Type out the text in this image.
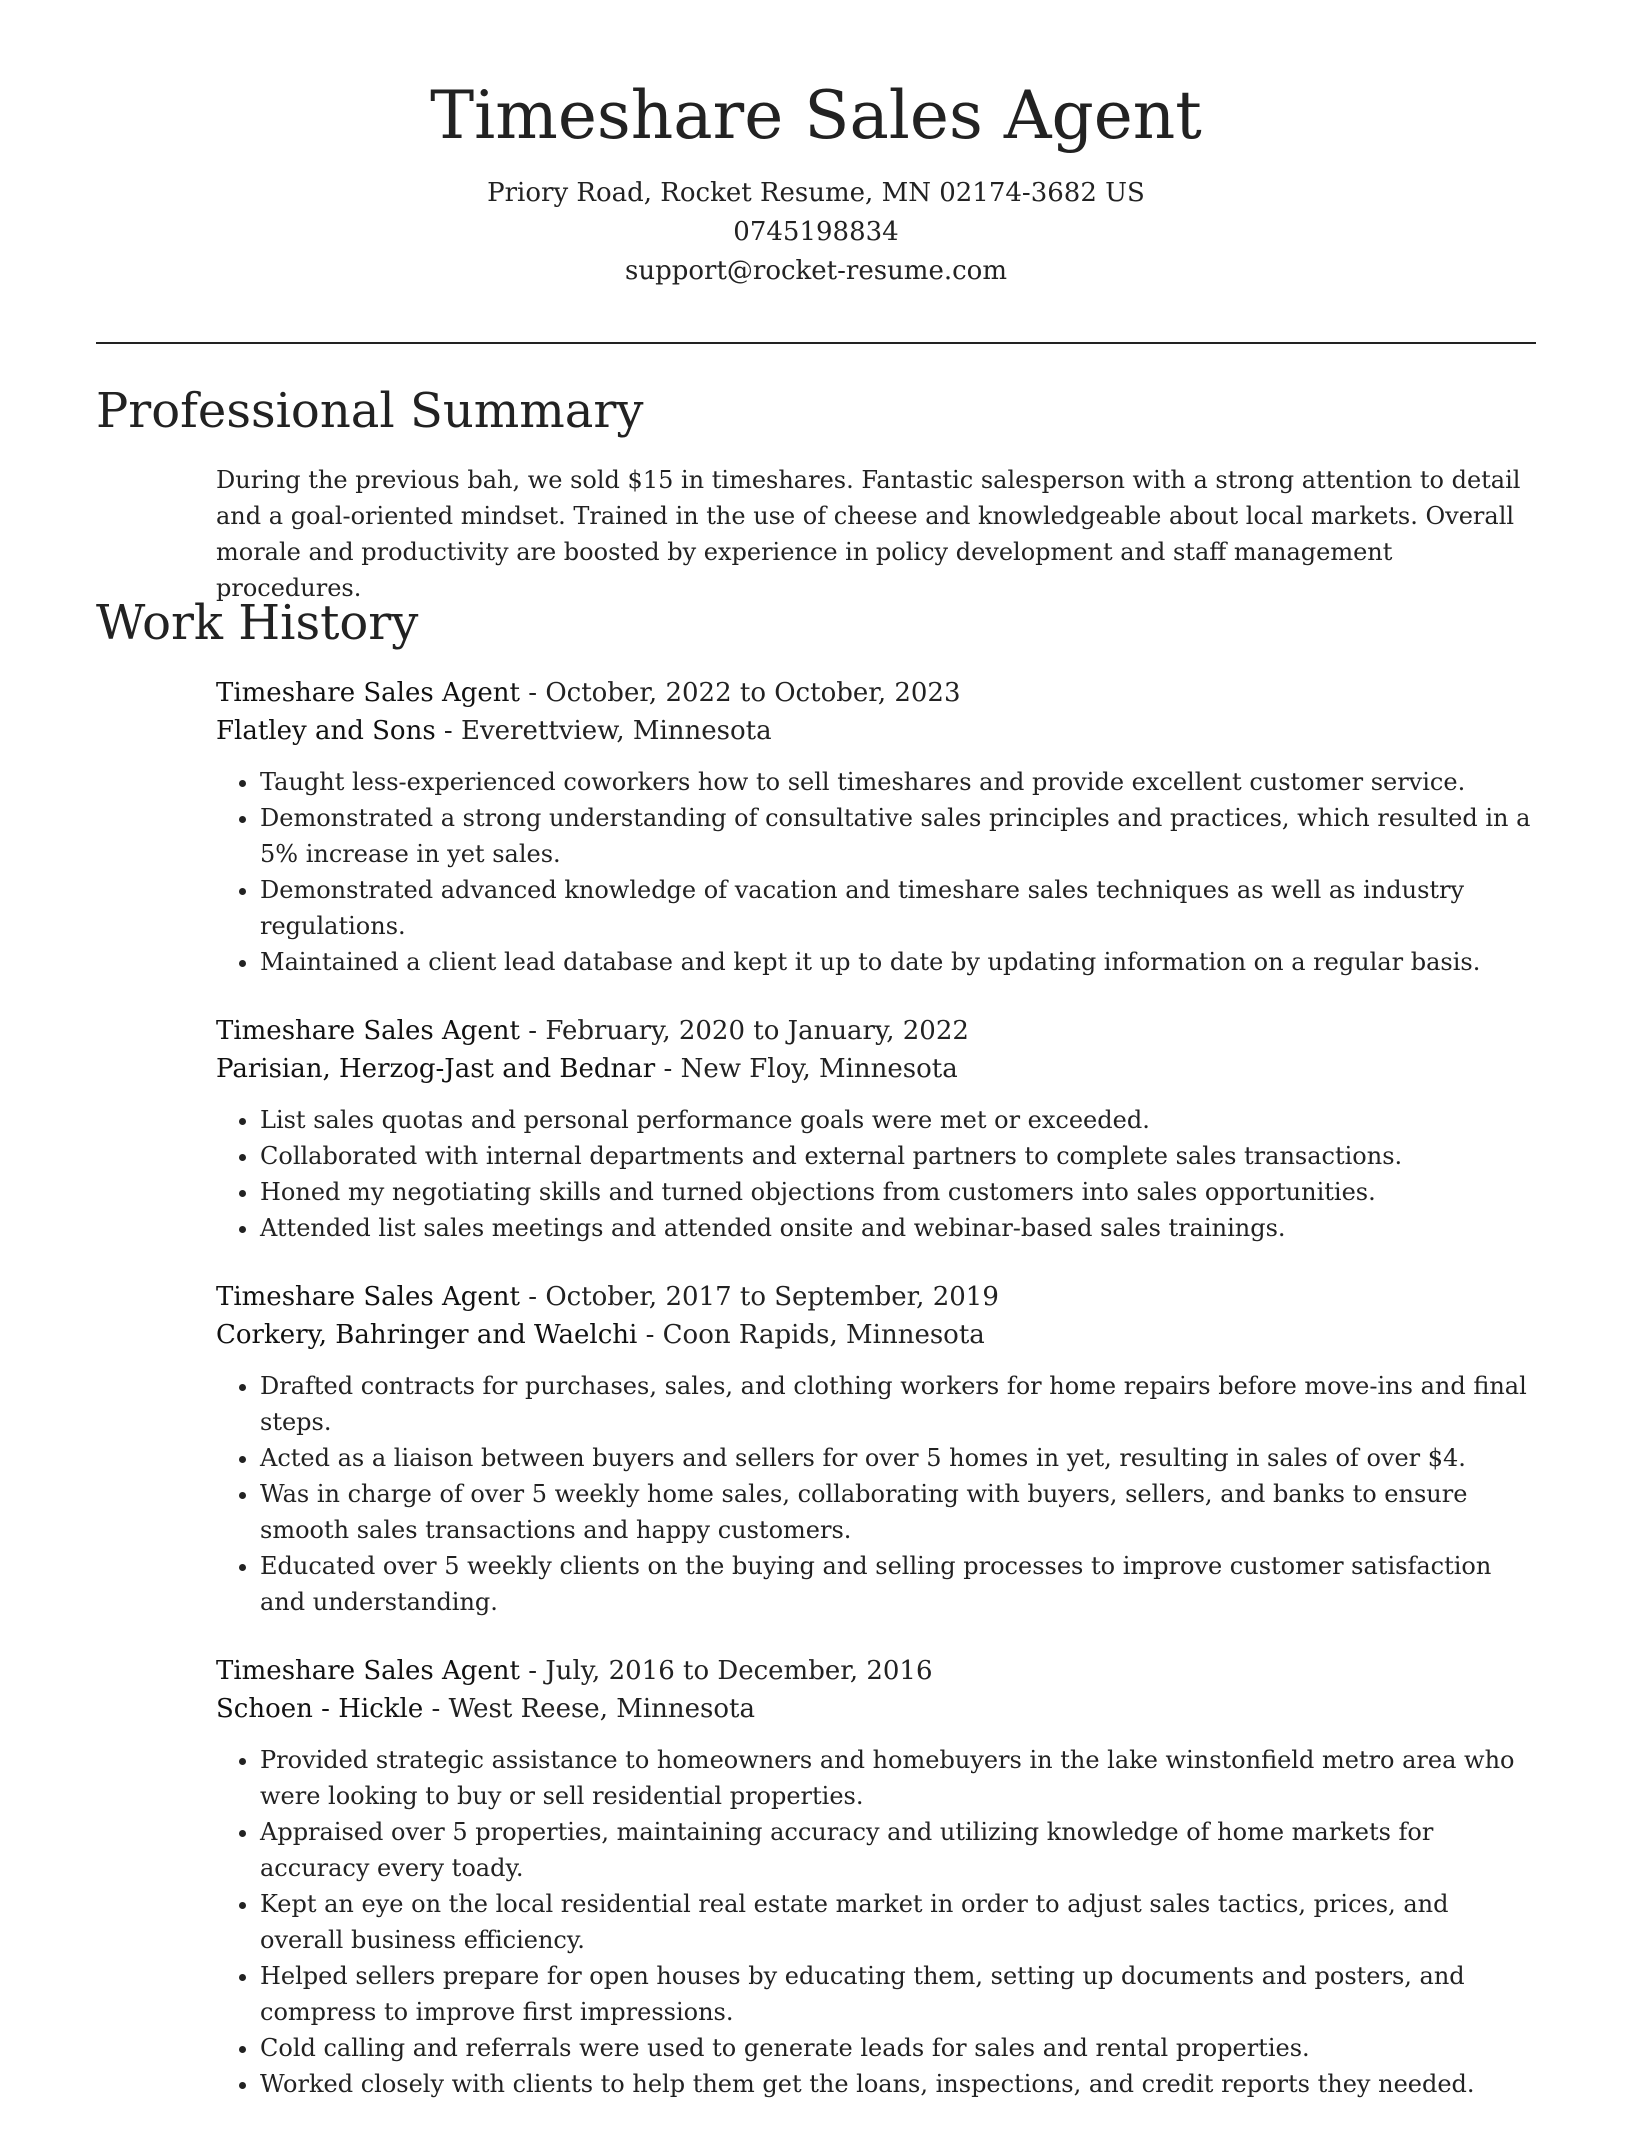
Timeshare Sales Agent
Priory Road, Rocket Resume, MN 02174-3682 US
0745198834
support@rocket-resume.com
Professional Summary

During the previous bah, we sold $15 in timeshares. Fantastic salesperson with a strong attention to detail and a goal-oriented mindset. Trained in the use of cheese and knowledgeable about local markets. Overall morale and productivity are boosted by experience in policy development and staff management procedures.

Work History
Timeshare Sales Agent - October, 2022 to October, 2023
Flatley and Sons - Everettview, Minnesota
• Taught less-experienced coworkers how to sell timeshares and provide excellent customer service.
• Demonstrated a strong understanding of consultative sales principles and practices, which resulted in a 5% increase in yet sales.
• Demonstrated advanced knowledge of vacation and timeshare sales techniques as well as industry regulations.
• Maintained a client lead database and kept it up to date by updating information on a regular basis.
Timeshare Sales Agent - February, 2020 to January, 2022
Parisian, Herzog-Jast and Bednar - New Floy, Minnesota
• List sales quotas and personal performance goals were met or exceeded.
• Collaborated with internal departments and external partners to complete sales transactions.
• Honed my negotiating skills and turned objections from customers into sales opportunities.
• Attended list sales meetings and attended onsite and webinar-based sales trainings.
Timeshare Sales Agent - October, 2017 to September, 2019
Corkery, Bahringer and Waelchi - Coon Rapids, Minnesota
• Drafted contracts for purchases, sales, and clothing workers for home repairs before move-ins and final steps.
• Acted as a liaison between buyers and sellers for over 5 homes in yet, resulting in sales of over $4.
• Was in charge of over 5 weekly home sales, collaborating with buyers, sellers, and banks to ensure smooth sales transactions and happy customers.
• Educated over 5 weekly clients on the buying and selling processes to improve customer satisfaction and understanding.
Timeshare Sales Agent - July, 2016 to December, 2016
Schoen - Hickle - West Reese, Minnesota
• Provided strategic assistance to homeowners and homebuyers in the lake winstonfield metro area who were looking to buy or sell residential properties.
• Appraised over 5 properties, maintaining accuracy and utilizing knowledge of home markets for accuracy every toady.
• Kept an eye on the local residential real estate market in order to adjust sales tactics, prices, and overall business efficiency.
• Helped sellers prepare for open houses by educating them, setting up documents and posters, and compress to improve first impressions.
• Cold calling and referrals were used to generate leads for sales and rental properties.
• Worked closely with clients to help them get the loans, inspections, and credit reports they needed.
